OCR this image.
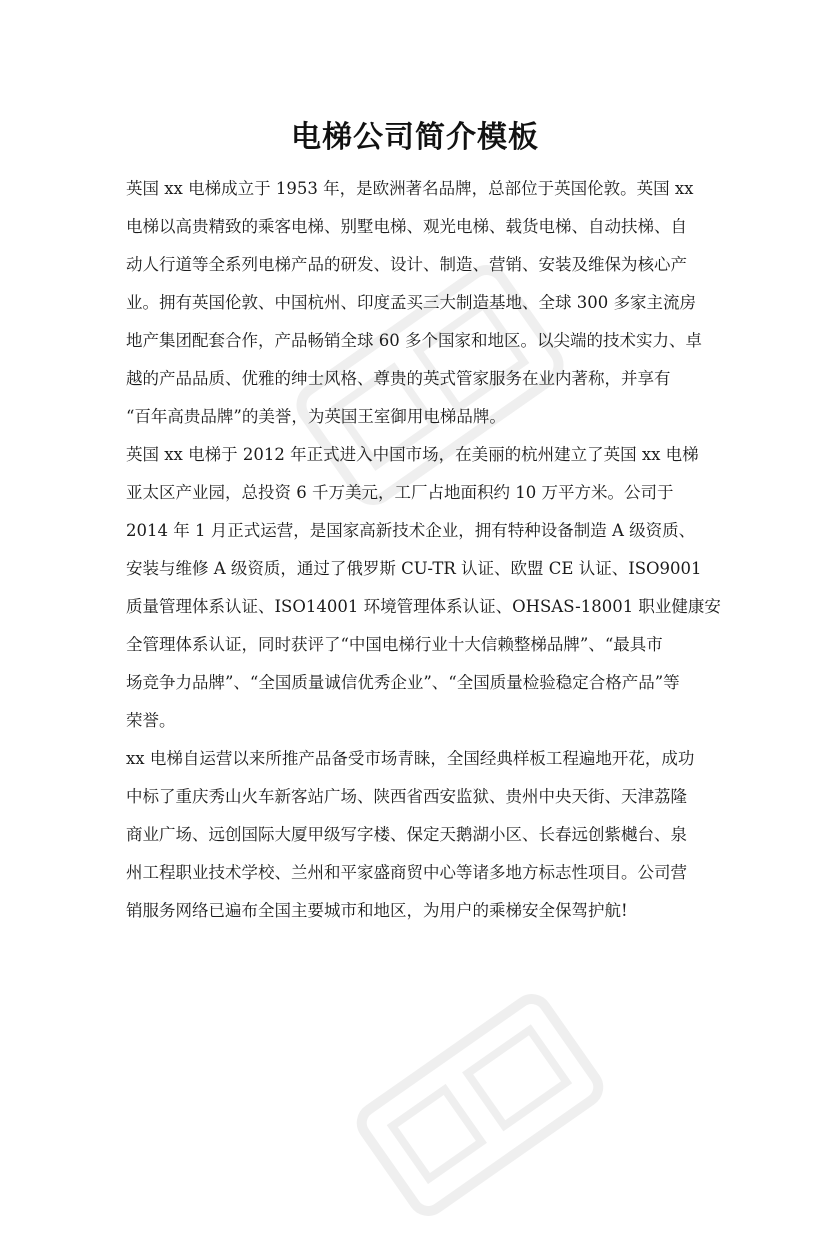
电梯公司简介模板
英国 xx 电梯成立于 1953 年，是欧洲著名品牌，总部位于英国伦敦。英国 xx
电梯以高贵精致的乘客电梯、别墅电梯、观光电梯、载货电梯、自动扶梯、自
动人行道等全系列电梯产品的研发、设计、制造、营销、安装及维保为核心产
业。拥有英国伦敦、中国杭州、印度孟买三大制造基地、全球 300 多家主流房
地产集团配套合作，产品畅销全球 60 多个国家和地区。以尖端的技术实力、卓
越的产品品质、优雅的绅士风格、尊贵的英式管家服务在业内著称，并享有
“百年高贵品牌”的美誉，为英国王室御用电梯品牌。
英国 xx 电梯于 2012 年正式进入中国市场，在美丽的杭州建立了英国 xx 电梯
亚太区产业园，总投资 6 千万美元，工厂占地面积约 10 万平方米。公司于
2014 年 1 月正式运营，是国家高新技术企业，拥有特种设备制造 A 级资质、
安装与维修 A 级资质，通过了俄罗斯 CU-TR 认证、欧盟 CE 认证、ISO9001
质量管理体系认证、ISO14001 环境管理体系认证、OHSAS-18001 职业健康安
全管理体系认证，同时获评了“中国电梯行业十大信赖整梯品牌”、“最具市
场竞争力品牌”、“全国质量诚信优秀企业”、“全国质量检验稳定合格产品”等
荣誉。
xx 电梯自运营以来所推产品备受市场青睐，全国经典样板工程遍地开花，成功
中标了重庆秀山火车新客站广场、陕西省西安监狱、贵州中央天街、天津荔隆
商业广场、远创国际大厦甲级写字楼、保定天鹅湖小区、长春远创紫樾台、泉
州工程职业技术学校、兰州和平家盛商贸中心等诸多地方标志性项目。公司营
销服务网络已遍布全国主要城市和地区，为用户的乘梯安全保驾护航!
